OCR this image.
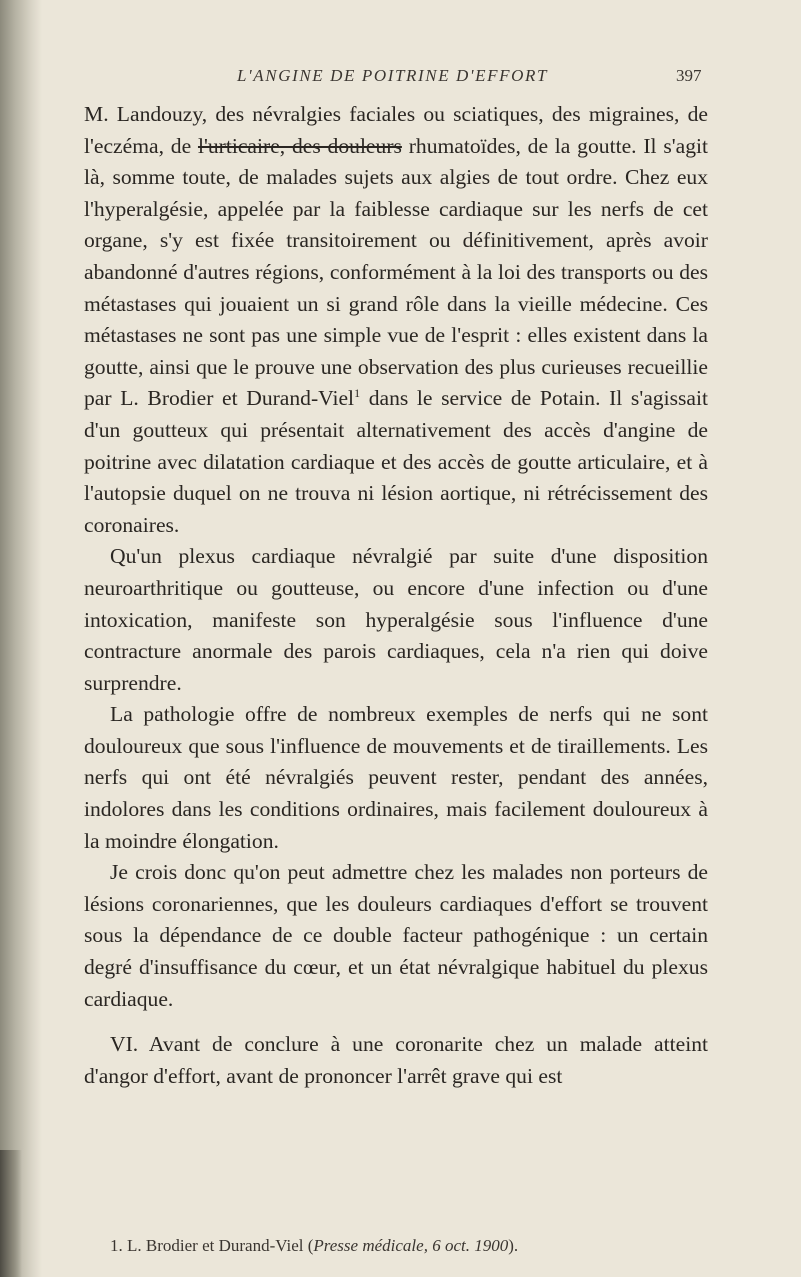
L'ANGINE DE POITRINE D'EFFORT	397

M. Landouzy, des névralgies faciales ou sciatiques, des migraines, de l'eczéma, de l'urticaire, des douleurs rhumatoïdes, de la goutte. Il s'agit là, somme toute, de malades sujets aux algies de tout ordre. Chez eux l'hyperalgésie, appelée par la faiblesse cardiaque sur les nerfs de cet organe, s'y est fixée transitoirement ou définitivement, après avoir abandonné d'autres régions, conformément à la loi des transports ou des métastases qui jouaient un si grand rôle dans la vieille médecine. Ces métastases ne sont pas une simple vue de l'esprit : elles existent dans la goutte, ainsi que le prouve une observation des plus curieuses recueillie par L. Brodier et Durand-Viel$^1$ dans le service de Potain. Il s'agissait d'un goutteux qui présentait alternativement des accès d'angine de poitrine avec dilatation cardiaque et des accès de goutte articulaire, et à l'autopsie duquel on ne trouva ni lésion aortique, ni rétrécissement des coronaires.

Qu'un plexus cardiaque névralgié par suite d'une disposition neuroarthritique ou goutteuse, ou encore d'une infection ou d'une intoxication, manifeste son hyperalgésie sous l'influence d'une contracture anormale des parois cardiaques, cela n'a rien qui doive surprendre.

La pathologie offre de nombreux exemples de nerfs qui ne sont douloureux que sous l'influence de mouvements et de tiraillements. Les nerfs qui ont été névralgiés peuvent rester, pendant des années, indolores dans les conditions ordinaires, mais facilement douloureux à la moindre élongation.

Je crois donc qu'on peut admettre chez les malades non porteurs de lésions coronariennes, que les douleurs cardiaques d'effort se trouvent sous la dépendance de ce double facteur pathogénique : un certain degré d'insuffisance du cœur, et un état névralgique habituel du plexus cardiaque.

VI. Avant de conclure à une coronarite chez un malade atteint d'angor d'effort, avant de prononcer l'arrêt grave qui est

1. L. Brodier et Durand-Viel (Presse médicale, 6 oct. 1900).
